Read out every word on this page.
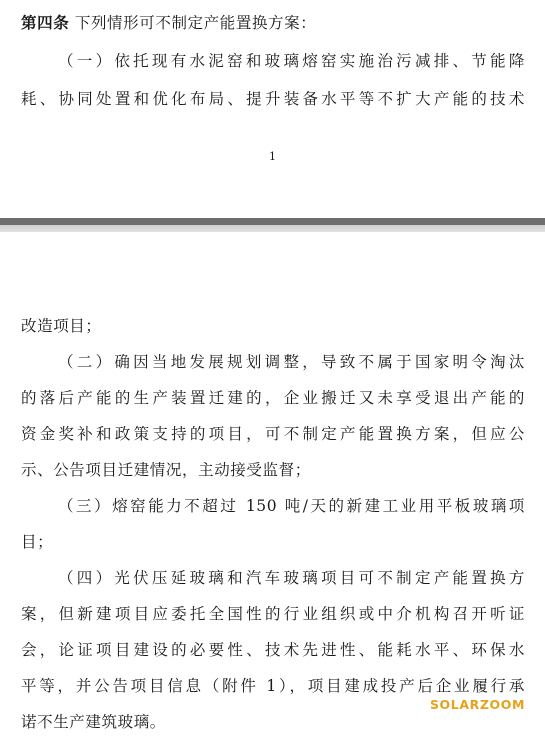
第四条 下列情形可不制定产能置换方案：
（一）依托现有水泥窑和玻璃熔窑实施治污减排、节能降
耗、协同处置和优化布局、提升装备水平等不扩大产能的技术
1
改造项目；
（二）确因当地发展规划调整，导致不属于国家明令淘汰
的落后产能的生产装置迁建的，企业搬迁又未享受退出产能的
资金奖补和政策支持的项目，可不制定产能置换方案，但应公
示、公告项目迁建情况，主动接受监督；
（三）熔窑能力不超过 150 吨/天的新建工业用平板玻璃项
目；
（四）光伏压延玻璃和汽车玻璃项目可不制定产能置换方
案，但新建项目应委托全国性的行业组织或中介机构召开听证
会，论证项目建设的必要性、技术先进性、能耗水平、环保水
平等，并公告项目信息（附件 1），项目建成投产后企业履行承
诺不生产建筑玻璃。
SOLARZOOM
